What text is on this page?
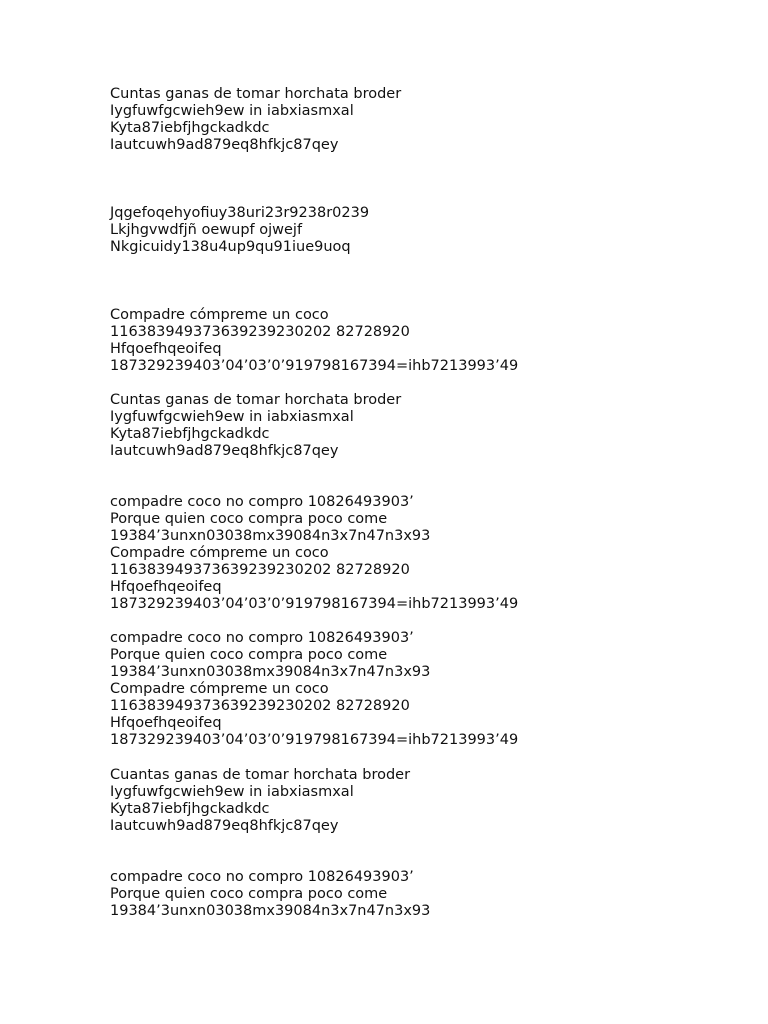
Cuntas ganas de tomar horchata broder
Iygfuwfgcwieh9ew in iabxiasmxal
Kyta87iebfjhgckadkdc
Iautcuwh9ad879eq8hfkjc87qey
Jqgefoqehyofiuy38uri23r9238r0239
Lkjhgvwdfjñ oewupf ojwejf
Nkgicuidy138u4up9qu91iue9uoq
Compadre cómpreme un coco
116383949373639239230202 82728920
Hfqoefhqeoifeq
187329239403’04’03’0’919798167394=ihb7213993’49
Cuntas ganas de tomar horchata broder
Iygfuwfgcwieh9ew in iabxiasmxal
Kyta87iebfjhgckadkdc
Iautcuwh9ad879eq8hfkjc87qey
compadre coco no compro 10826493903’
Porque quien coco compra poco come
19384’3unxn03038mx39084n3x7n47n3x93
Compadre cómpreme un coco
116383949373639239230202 82728920
Hfqoefhqeoifeq
187329239403’04’03’0’919798167394=ihb7213993’49
compadre coco no compro 10826493903’
Porque quien coco compra poco come
19384’3unxn03038mx39084n3x7n47n3x93
Compadre cómpreme un coco
116383949373639239230202 82728920
Hfqoefhqeoifeq
187329239403’04’03’0’919798167394=ihb7213993’49
Cuantas ganas de tomar horchata broder
Iygfuwfgcwieh9ew in iabxiasmxal
Kyta87iebfjhgckadkdc
Iautcuwh9ad879eq8hfkjc87qey
compadre coco no compro 10826493903’
Porque quien coco compra poco come
19384’3unxn03038mx39084n3x7n47n3x93
